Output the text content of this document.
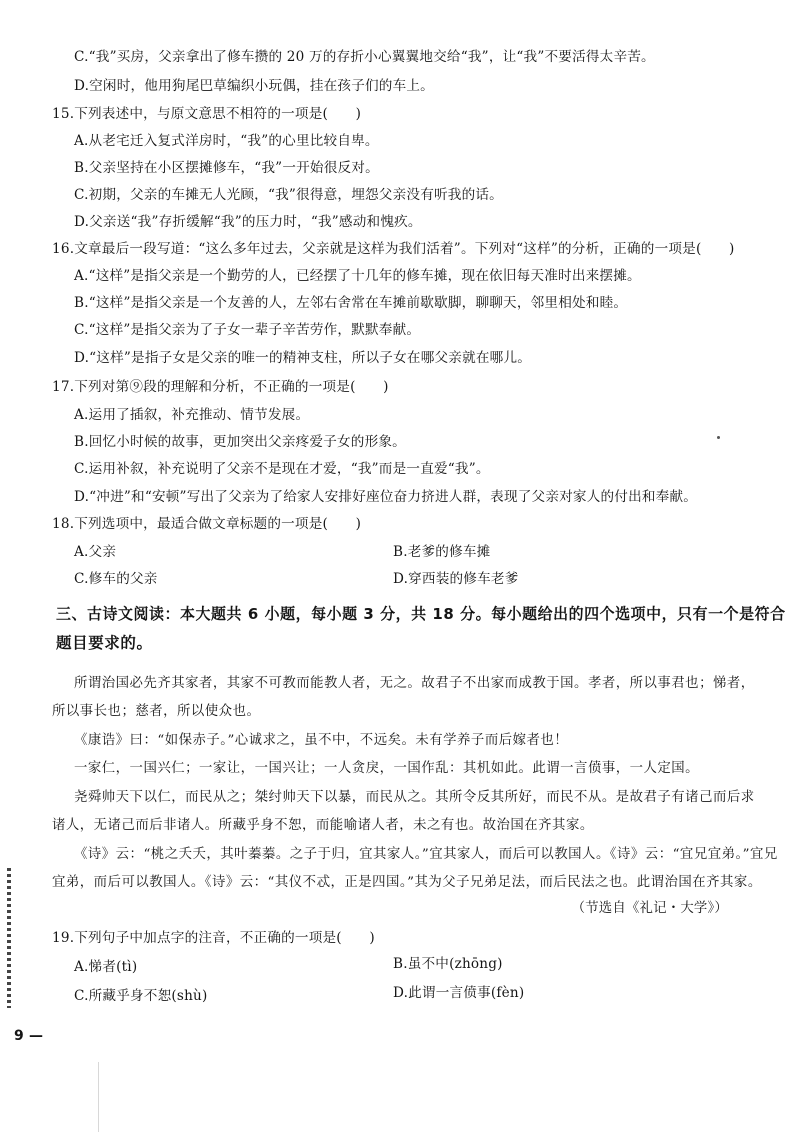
C.“我”买房，父亲拿出了修车攒的 20 万的存折小心翼翼地交给“我”，让“我”不要活得太辛苦。
D.空闲时，他用狗尾巴草编织小玩偶，挂在孩子们的车上。
15.下列表述中，与原文意思不相符的一项是(　　)
A.从老宅迁入复式洋房时，“我”的心里比较自卑。
B.父亲坚持在小区摆摊修车，“我”一开始很反对。
C.初期，父亲的车摊无人光顾，“我”很得意，埋怨父亲没有听我的话。
D.父亲送“我”存折缓解“我”的压力时，“我”感动和愧疚。
16.文章最后一段写道：“这么多年过去，父亲就是这样为我们活着”。下列对“这样”的分析，正确的一项是(　　)
A.“这样”是指父亲是一个勤劳的人，已经摆了十几年的修车摊，现在依旧每天准时出来摆摊。
B.“这样”是指父亲是一个友善的人，左邻右舍常在车摊前歇歇脚，聊聊天，邻里相处和睦。
C.“这样”是指父亲为了子女一辈子辛苦劳作，默默奉献。
D.“这样”是指子女是父亲的唯一的精神支柱，所以子女在哪父亲就在哪儿。
17.下列对第⑨段的理解和分析，不正确的一项是(　　)
A.运用了插叙，补充推动、情节发展。
B.回忆小时候的故事，更加突出父亲疼爱子女的形象。
C.运用补叙，补充说明了父亲不是现在才爱，“我”而是一直爱“我”。
D.“冲进”和“安顿”写出了父亲为了给家人安排好座位奋力挤进人群，表现了父亲对家人的付出和奉献。
18.下列选项中，最适合做文章标题的一项是(　　)
A.父亲	B.老爹的修车摊
C.修车的父亲	D.穿西装的修车老爹
三、古诗文阅读：本大题共 6 小题，每小题 3 分，共 18 分。每小题给出的四个选项中，只有一个是符合
题目要求的。
所谓治国必先齐其家者，其家不可教而能教人者，无之。故君子不出家而成教于国。孝者，所以事君也；悌者，
所以事长也；慈者，所以使众也。
《康诰》曰：“如保赤子。”心诚求之，虽不中，不远矣。未有学养子而后嫁者也！
一家仁，一国兴仁；一家让，一国兴让；一人贪戾，一国作乱：其机如此。此谓一言偾事，一人定国。
尧舜帅天下以仁，而民从之；桀纣帅天下以暴，而民从之。其所令反其所好，而民不从。是故君子有诸己而后求
诸人，无诸己而后非诸人。所藏乎身不恕，而能喻诸人者，未之有也。故治国在齐其家。
《诗》云：“桃之夭夭，其叶蓁蓁。之子于归，宜其家人。”宜其家人，而后可以教国人。《诗》云：“宜兄宜弟。”宜兄
宜弟，而后可以教国人。《诗》云：“其仪不忒，正是四国。”其为父子兄弟足法，而后民法之也。此谓治国在齐其家。
（节选自《礼记・大学》）
19.下列句子中加点字的注音，不正确的一项是(　　)
A.悌者(tì)	B.虽不中(zhōng)
C.所藏乎身不恕(shù)	D.此谓一言偾事(fèn)
9 —
